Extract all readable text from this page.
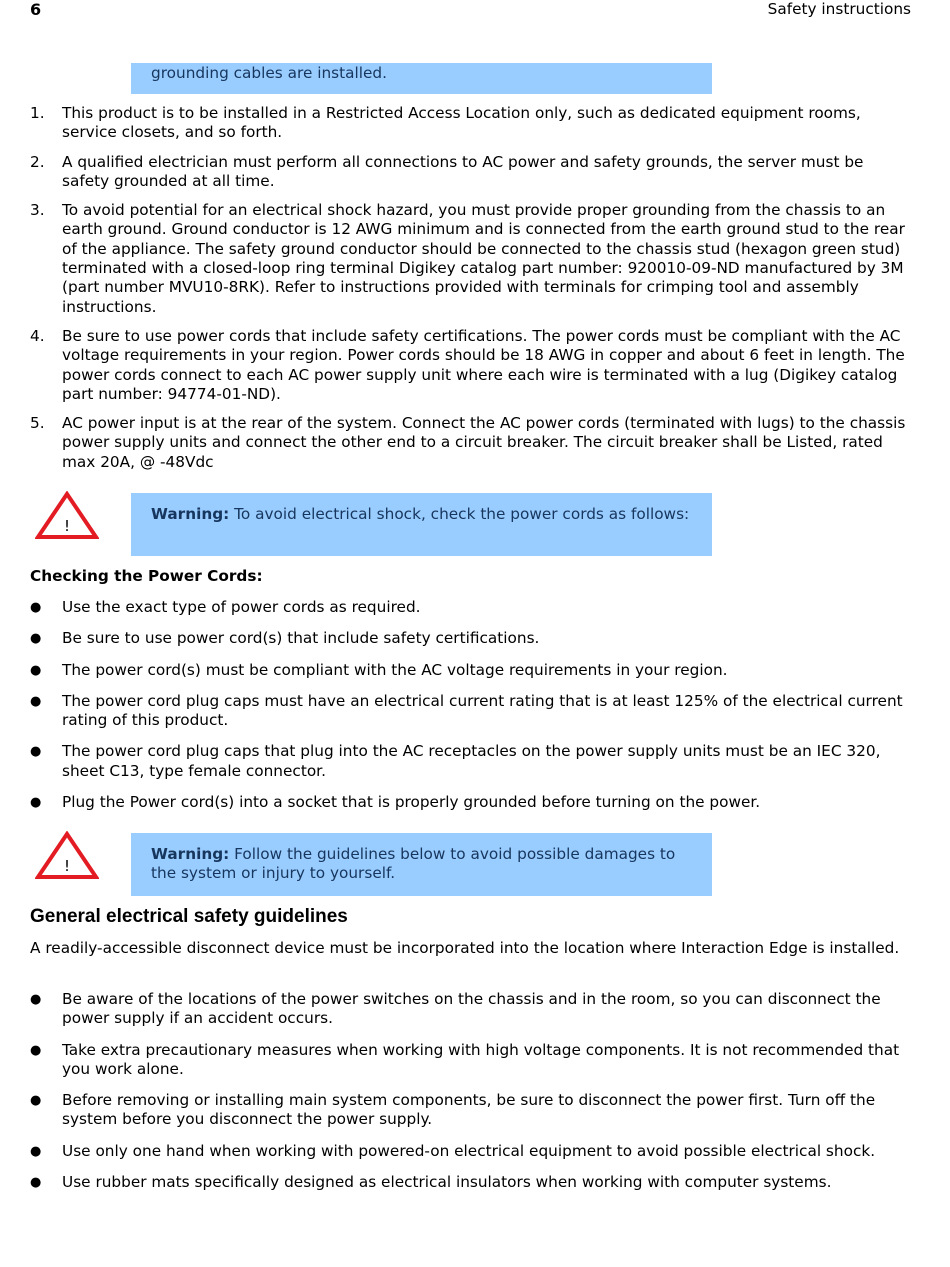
6	Safety instructions
grounding cables are installed.
1. This product is to be installed in a Restricted Access Location only, such as dedicated equipment rooms, service closets, and so forth.
2. A qualified electrician must perform all connections to AC power and safety grounds, the server must be safety grounded at all time.
3. To avoid potential for an electrical shock hazard, you must provide proper grounding from the chassis to an earth ground. Ground conductor is 12 AWG minimum and is connected from the earth ground stud to the rear of the appliance. The safety ground conductor should be connected to the chassis stud (hexagon green stud) terminated with a closed-loop ring terminal Digikey catalog part number: 920010-09-ND manufactured by 3M (part number MVU10-8RK). Refer to instructions provided with terminals for crimping tool and assembly instructions.
4. Be sure to use power cords that include safety certifications. The power cords must be compliant with the AC voltage requirements in your region. Power cords should be 18 AWG in copper and about 6 feet in length. The power cords connect to each AC power supply unit where each wire is terminated with a lug (Digikey catalog part number: 94774-01-ND).
5. AC power input is at the rear of the system. Connect the AC power cords (terminated with lugs) to the chassis power supply units and connect the other end to a circuit breaker. The circuit breaker shall be Listed, rated max 20A, @ -48Vdc
!
Warning: To avoid electrical shock, check the power cords as follows:
Checking the Power Cords:
● Use the exact type of power cords as required.
● Be sure to use power cord(s) that include safety certifications.
● The power cord(s) must be compliant with the AC voltage requirements in your region.
● The power cord plug caps must have an electrical current rating that is at least 125% of the electrical current rating of this product.
● The power cord plug caps that plug into the AC receptacles on the power supply units must be an IEC 320, sheet C13, type female connector.
● Plug the Power cord(s) into a socket that is properly grounded before turning on the power.
!
Warning: Follow the guidelines below to avoid possible damages to the system or injury to yourself.
General electrical safety guidelines
A readily-accessible disconnect device must be incorporated into the location where Interaction Edge is installed.
● Be aware of the locations of the power switches on the chassis and in the room, so you can disconnect the power supply if an accident occurs.
● Take extra precautionary measures when working with high voltage components. It is not recommended that you work alone.
● Before removing or installing main system components, be sure to disconnect the power first. Turn off the system before you disconnect the power supply.
● Use only one hand when working with powered-on electrical equipment to avoid possible electrical shock.
● Use rubber mats specifically designed as electrical insulators when working with computer systems.
